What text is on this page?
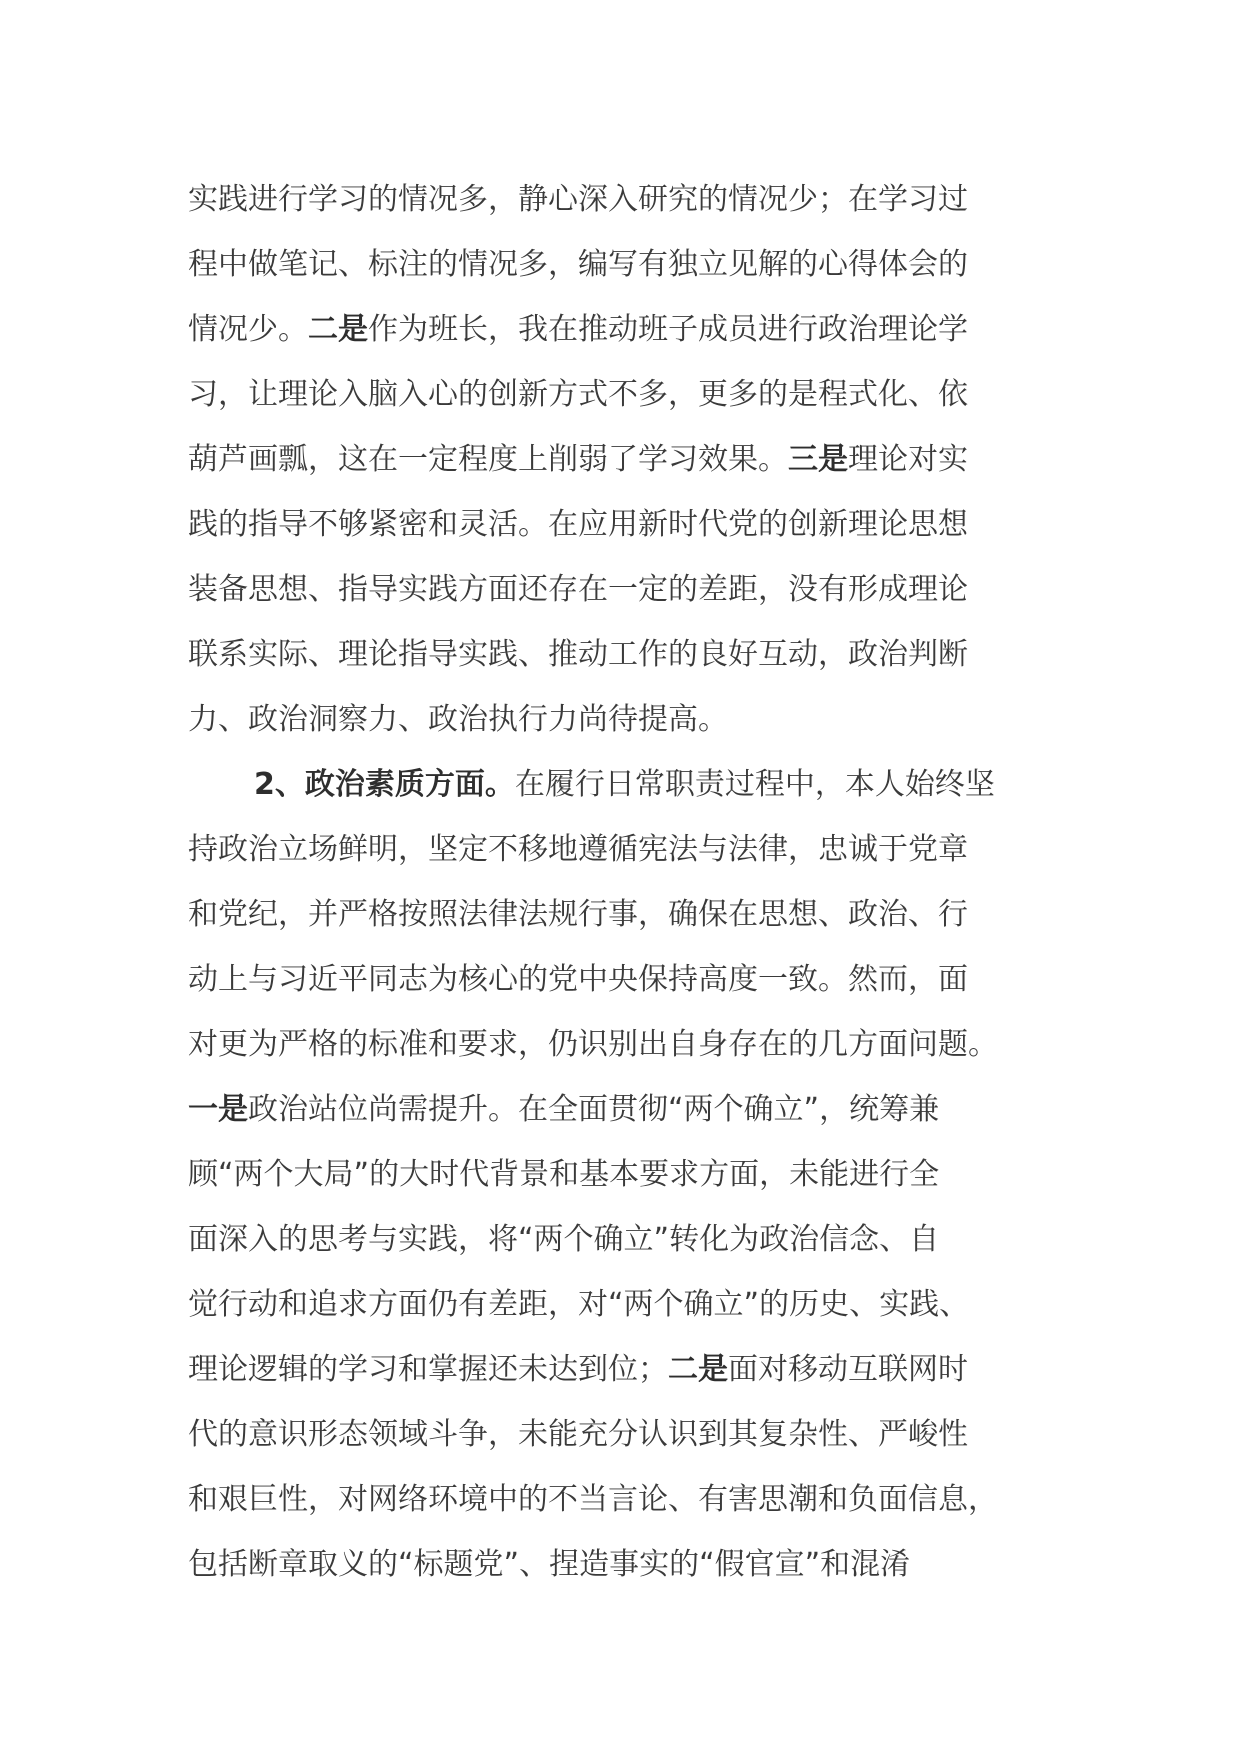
实践进行学习的情况多，静心深入研究的情况少；在学习过
程中做笔记、标注的情况多，编写有独立见解的心得体会的
情况少。二是作为班长，我在推动班子成员进行政治理论学
习，让理论入脑入心的创新方式不多，更多的是程式化、依
葫芦画瓢，这在一定程度上削弱了学习效果。三是理论对实
践的指导不够紧密和灵活。在应用新时代党的创新理论思想
装备思想、指导实践方面还存在一定的差距，没有形成理论
联系实际、理论指导实践、推动工作的良好互动，政治判断
力、政治洞察力、政治执行力尚待提高。
2、政治素质方面。在履行日常职责过程中，本人始终坚
持政治立场鲜明，坚定不移地遵循宪法与法律，忠诚于党章
和党纪，并严格按照法律法规行事，确保在思想、政治、行
动上与习近平同志为核心的党中央保持高度一致。然而，面
对更为严格的标准和要求，仍识别出自身存在的几方面问题。
一是政治站位尚需提升。在全面贯彻“两个确立”，统筹兼
顾“两个大局”的大时代背景和基本要求方面，未能进行全
面深入的思考与实践，将“两个确立”转化为政治信念、自
觉行动和追求方面仍有差距，对“两个确立”的历史、实践、
理论逻辑的学习和掌握还未达到位；二是面对移动互联网时
代的意识形态领域斗争，未能充分认识到其复杂性、严峻性
和艰巨性，对网络环境中的不当言论、有害思潮和负面信息，
包括断章取义的“标题党”、捏造事实的“假官宣”和混淆
